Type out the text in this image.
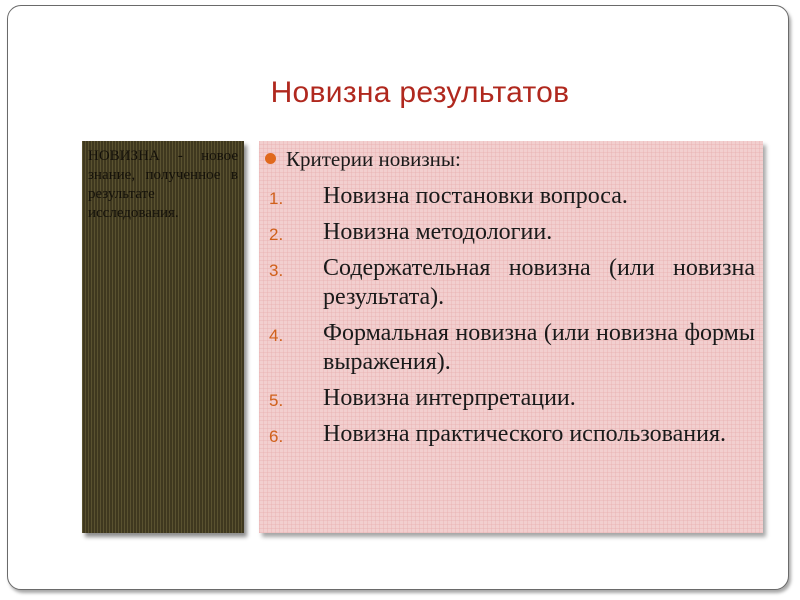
Новизна результатов
НОВИЗНА - новое знание, полученное в результате исследования.
Критерии новизны:
1. Новизна постановки вопроса.
2. Новизна методологии.
3. Содержательная новизна (или новизна результата).
4. Формальная новизна (или новизна формы выражения).
5. Новизна интерпретации.
6. Новизна практического использования.
